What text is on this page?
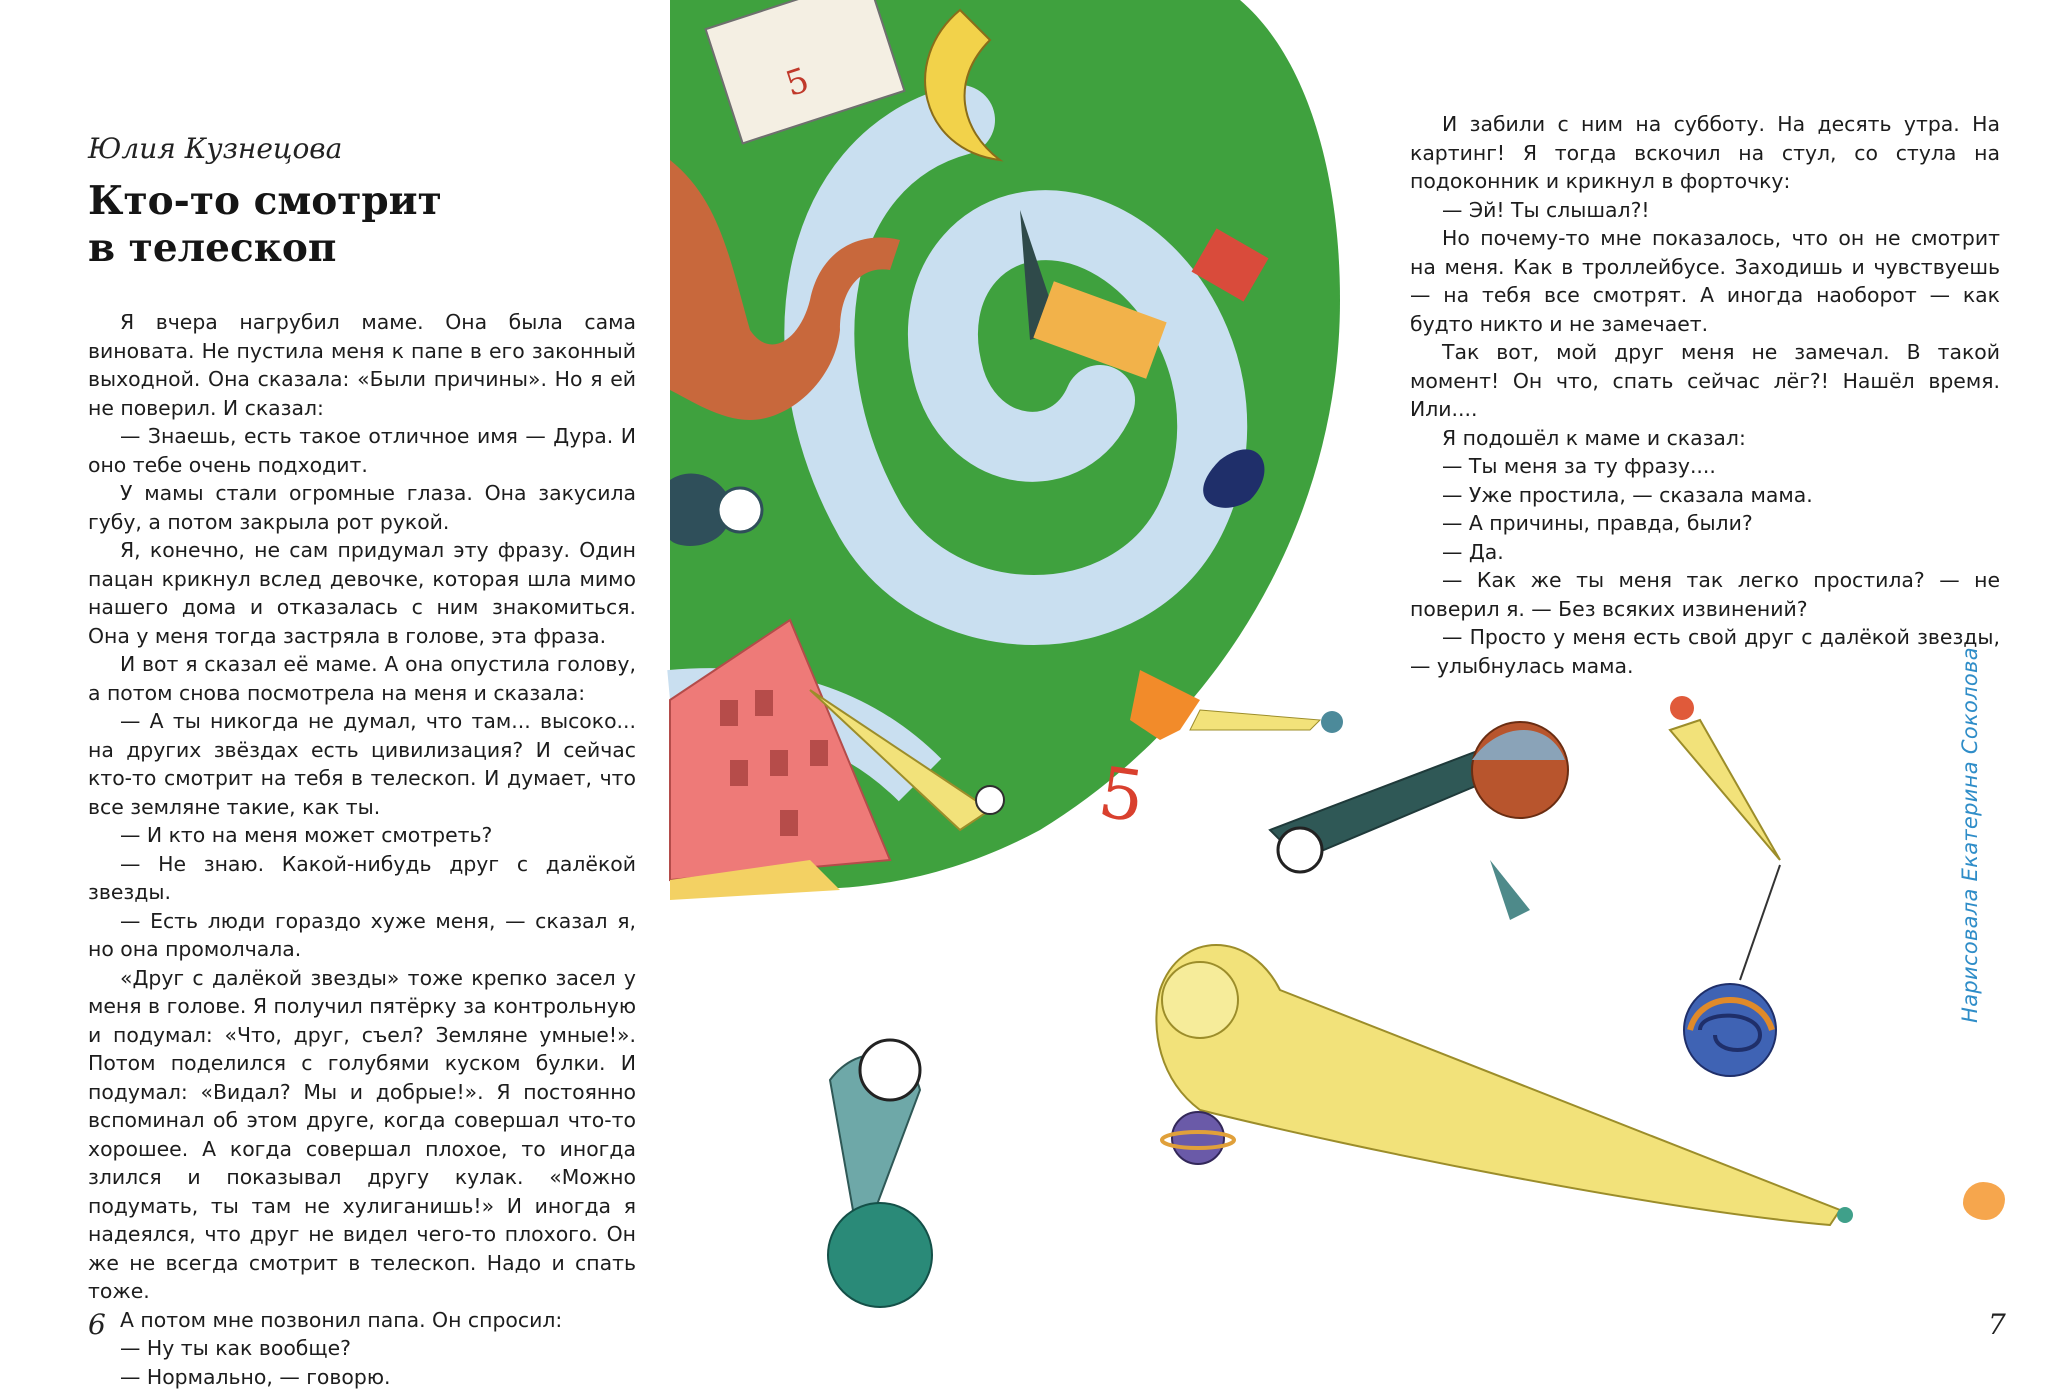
Юлия Кузнецова
Кто-то смотрит
в телескоп

Я вчера нагрубил маме. Она была сама виновата. Не пустила меня к папе в его законный выходной. Она сказала: «Были причины». Но я ей не поверил. И сказал:

— Знаешь, есть такое отличное имя — Дура. И оно тебе очень подходит.

У мамы стали огромные глаза. Она закусила губу, а потом закрыла рот рукой.

Я, конечно, не сам придумал эту фразу. Один пацан крикнул вслед девочке, которая шла мимо нашего дома и отказалась с ним знакомиться. Она у меня тогда застряла в голове, эта фраза.

И вот я сказал её маме. А она опустила голову, а потом снова посмотрела на меня и сказала:

— А ты никогда не думал, что там... высоко... на других звёздах есть цивилизация? И сейчас кто-то смотрит на тебя в телескоп. И думает, что все земляне такие, как ты.

— И кто на меня может смотреть?

— Не знаю. Какой-нибудь друг с далёкой звезды.

— Есть люди гораздо хуже меня, — сказал я, но она промолчала.

«Друг с далёкой звезды» тоже крепко засел у меня в голове. Я получил пятёрку за контрольную и подумал: «Что, друг, съел? Земляне умные!». Потом поделился с голубями куском булки. И подумал: «Видал? Мы и добрые!». Я постоянно вспоминал об этом друге, когда совершал что-то хорошее. А когда совершал плохое, то иногда злился и показывал другу кулак. «Можно подумать, ты там не хулиганишь!» И иногда я надеялся, что друг не видел чего-то плохого. Он же не всегда смотрит в телескоп. Надо и спать тоже.

А потом мне позвонил папа. Он спросил:

— Ну ты как вообще?

— Нормально, — говорю.

6
5
5

И забили с ним на субботу. На десять утра. На картинг! Я тогда вскочил на стул, со стула на подоконник и крикнул в форточку:

— Эй! Ты слышал?!

Но почему-то мне показалось, что он не смотрит на меня. Как в троллейбусе. Заходишь и чувствуешь — на тебя все смотрят. А иногда наоборот — как будто никто и не замечает.

Так вот, мой друг меня не замечал. В такой момент! Он что, спать сейчас лёг?! Нашёл время. Или....

Я подошёл к маме и сказал:

— Ты меня за ту фразу....

— Уже простила, — сказала мама.

— А причины, правда, были?

— Да.

— Как же ты меня так легко простила? — не поверил я. — Без всяких извинений?

— Просто у меня есть свой друг с далёкой звезды, — улыбнулась мама.	Нарисовала Екатерина Соколова
7
